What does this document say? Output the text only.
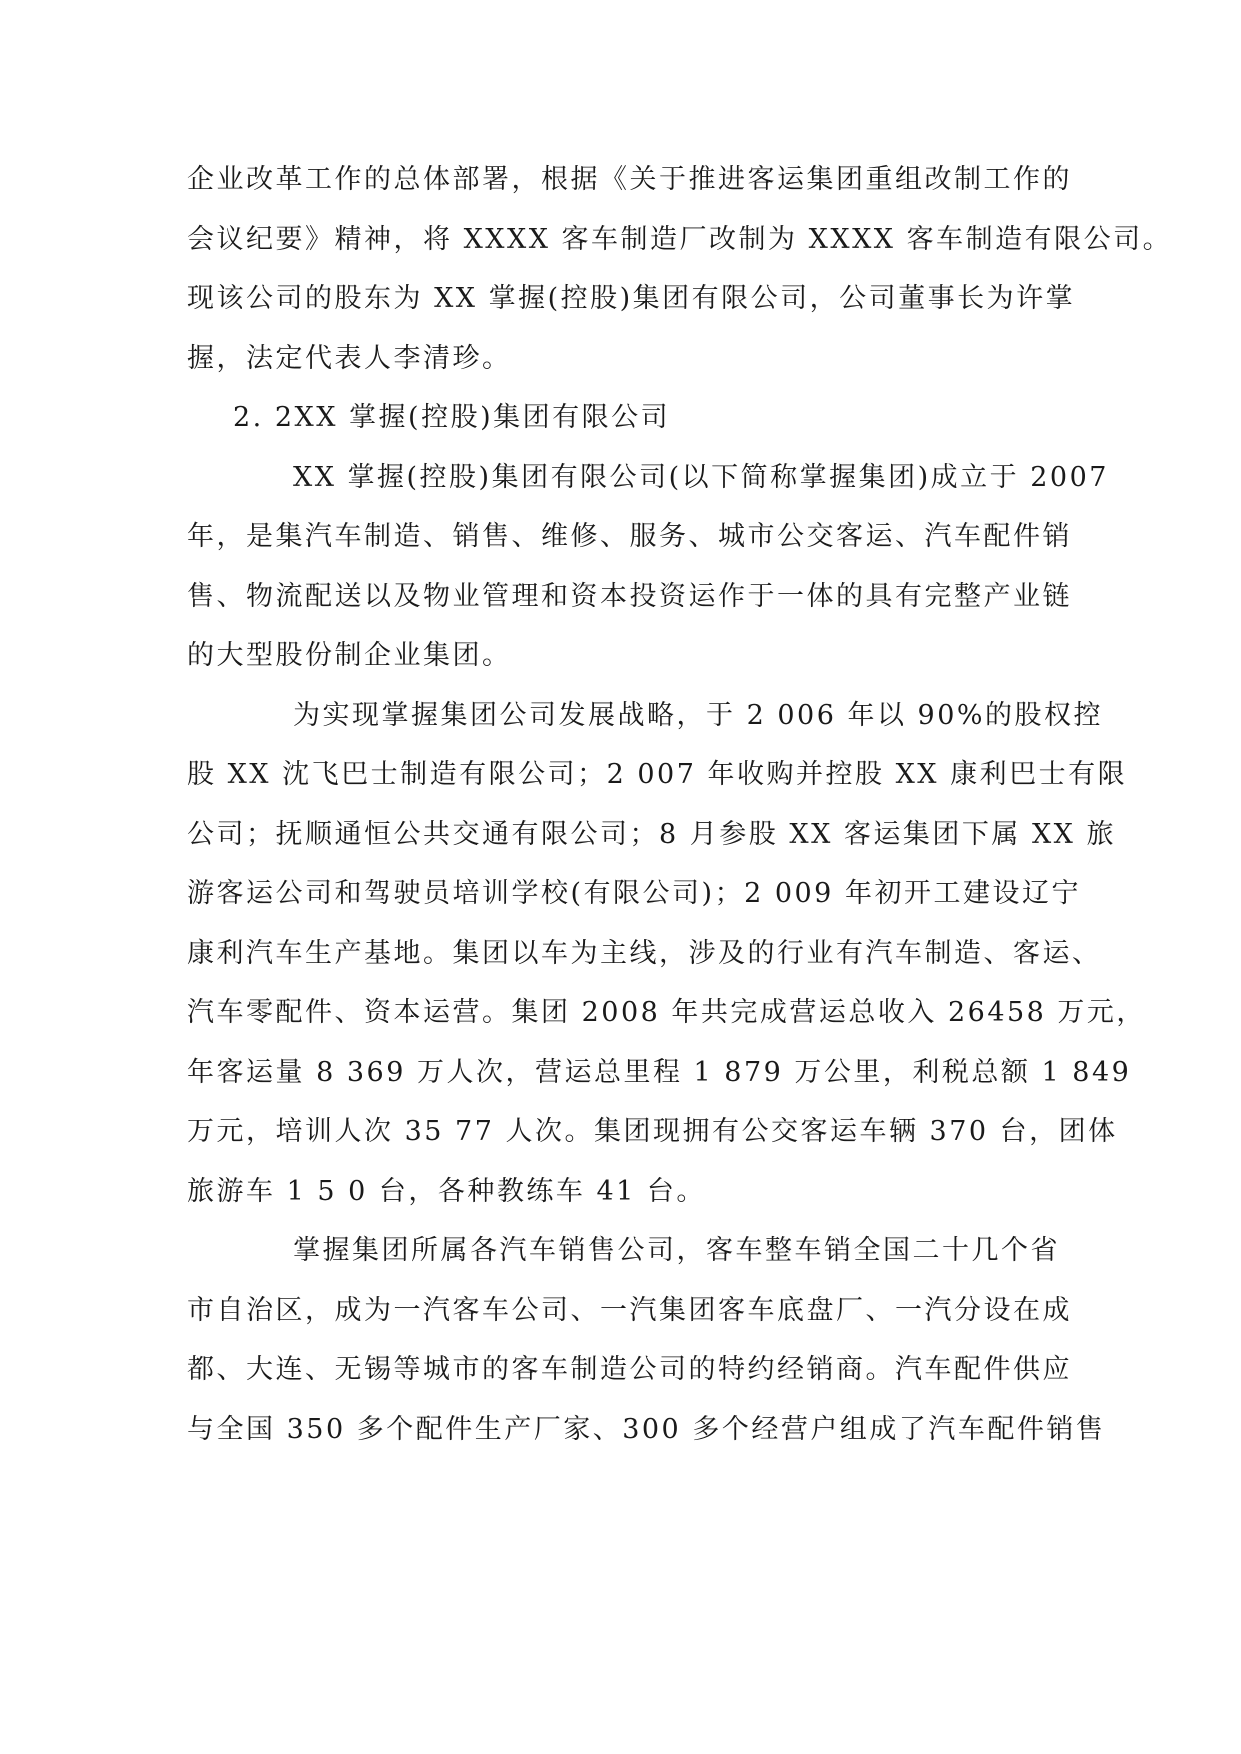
企业改革工作的总体部署，根据《关于推进客运集团重组改制工作的
会议纪要》精神，将 XXXX 客车制造厂改制为 XXXX 客车制造有限公司。
现该公司的股东为 XX 掌握(控股)集团有限公司，公司董事长为许掌
握，法定代表人李清珍。
2. 2XX 掌握(控股)集团有限公司
XX 掌握(控股)集团有限公司(以下简称掌握集团)成立于 2007
年，是集汽车制造、销售、维修、服务、城市公交客运、汽车配件销
售、物流配送以及物业管理和资本投资运作于一体的具有完整产业链
的大型股份制企业集团。
为实现掌握集团公司发展战略，于 2 006 年以 90%的股权控
股 XX 沈飞巴士制造有限公司；2 007 年收购并控股 XX 康利巴士有限
公司；抚顺通恒公共交通有限公司；8 月参股 XX 客运集团下属 XX 旅
游客运公司和驾驶员培训学校(有限公司)；2 009 年初开工建设辽宁
康利汽车生产基地。集团以车为主线，涉及的行业有汽车制造、客运、
汽车零配件、资本运营。集团 2008 年共完成营运总收入 26458 万元，
年客运量 8 369 万人次，营运总里程 1 879 万公里，利税总额 1 849
万元，培训人次 35 77 人次。集团现拥有公交客运车辆 370 台，团体
旅游车 1 5 0 台，各种教练车 41 台。
掌握集团所属各汽车销售公司，客车整车销全国二十几个省
市自治区，成为一汽客车公司、一汽集团客车底盘厂、一汽分设在成
都、大连、无锡等城市的客车制造公司的特约经销商。汽车配件供应
与全国 350 多个配件生产厂家、300 多个经营户组成了汽车配件销售
